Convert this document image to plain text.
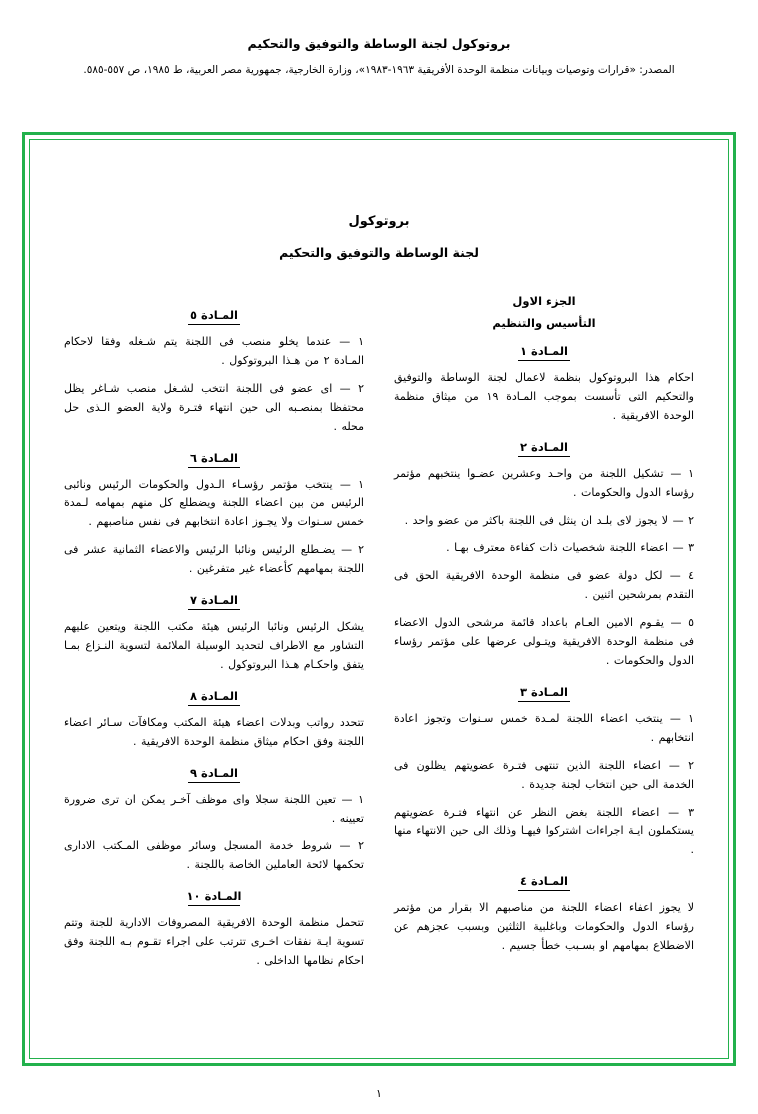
بروتوكول لجنة الوساطة والتوفيق والتحكيم
المصدر: «قرارات وتوصيات وبيانات منظمة الوحدة الأفريقية ١٩٦٣-١٩٨٣»، وزارة الخارجية، جمهورية مصر العربية، ط ١٩٨٥، ص ٥٥٧-٥٨٥.
بروتوكول
لجنة الوساطة والتوفيق والتحكيم
الجزء الاول
التأسيس والتنظيم
المـادة ١

احكام هذا البروتوكول بنظمة لاعمال لجنة الوساطة والتوفيق والتحكيم التى تأسست بموجب المـادة ١٩ من ميثاق منظمة الوحدة الافريقية .

المـادة ٢

١ — تشكيل اللجنة من واحـد وعشرين عضـوا ينتخبهم مؤتمر رؤساء الدول والحكومات .

٢ — لا يجوز لاى بلـد ان ينثل فى اللجنة باكثر من عضو واحد .

٣ — اعضاء اللجنة شخصيات ذات كفاءة معترف بهـا .

٤ — لكل دولة عضو فى منظمة الوحدة الافريقية الحق فى التقدم بمرشحين اثنين .

٥ — يقـوم الامين العـام باعداد قائمة مرشحى الدول الاعضاء فى منظمة الوحدة الافريقية ويتـولى عرضها على مؤتمر رؤساء الدول والحكومات .

المـادة ٣

١ — ينتخب اعضاء اللجنة لمـدة خمس سـنوات وتجوز اعادة انتخابهم .

٢ — اعضاء اللجنة الذين تنتهى فتـرة عضويتهم يظلون فى الخدمة الى حين انتخاب لجنة جديدة .

٣ — اعضاء اللجنة بغض النظر عن انتهاء فتـرة عضويتهم يستكملون ايـة اجراءات اشتركوا فيهـا وذلك الى حين الانتهاء منها .

المـادة ٤

لا يجوز اعفاء اعضاء اللجنة من مناصبهم الا بقرار من مؤتمر رؤساء الدول والحكومات وباغلبية الثلثين وبسبب عجزهم عن الاضطلاع بمهامهم او بسـبب خطأ جسيم .

المـادة ٥

١ — عندما يخلو منصب فى اللجنة يتم شـغله وفقا لاحكام المـادة ٢ من هـذا البروتوكول .

٢ — اى عضو فى اللجنة انتخب لشـغل منصب شـاغر يظل محتفظا بمنصـبه الى حين انتهاء فتـرة ولاية العضو الـذى حل محله .

المـادة ٦

١ — ينتخب مؤتمر رؤسـاء الـدول والحكومات الرئيس ونائبى الرئيس من بين اعضاء اللجنة ويضطلع كل منهم بمهامه لـمدة خمس سـنوات ولا يجـوز اعادة انتخابهم فى نفس مناصبهم .

٢ — يضـطلع الرئيس ونائبا الرئيس والاعضاء الثمانية عشر فى اللجنة بمهامهم كأعضاء غير متفرغين .

المـادة ٧

يشكل الرئيس ونائبا الرئيس هيئة مكتب اللجنة ويتعين عليهم التشاور مع الاطراف لتحديد الوسيلة الملائمة لتسوية النـزاع بمـا يتفق واحكـام هـذا البروتوكول .

المـادة ٨

تتحدد رواتب وبدلات اعضاء هيئة المكتب ومكافآت سـائر اعضاء اللجنة وفق احكام ميثاق منظمة الوحدة الافريقية .

المـادة ٩

١ — تعين اللجنة سجلا واى موظف آخـر يمكن ان ترى ضرورة تعيينه .

٢ — شروط خدمة المسجل وسائر موظفى المـكتب الادارى تحكمها لائحة العاملين الخاصة باللجنة .

المـادة ١٠

تتحمل منظمة الوحدة الافريقية المصروفات الادارية للجنة وتتم تسوية ايـة نفقات اخـرى تترتب على اجراء تقـوم بـه اللجنة وفق احكام نظامها الداخلى .

١
